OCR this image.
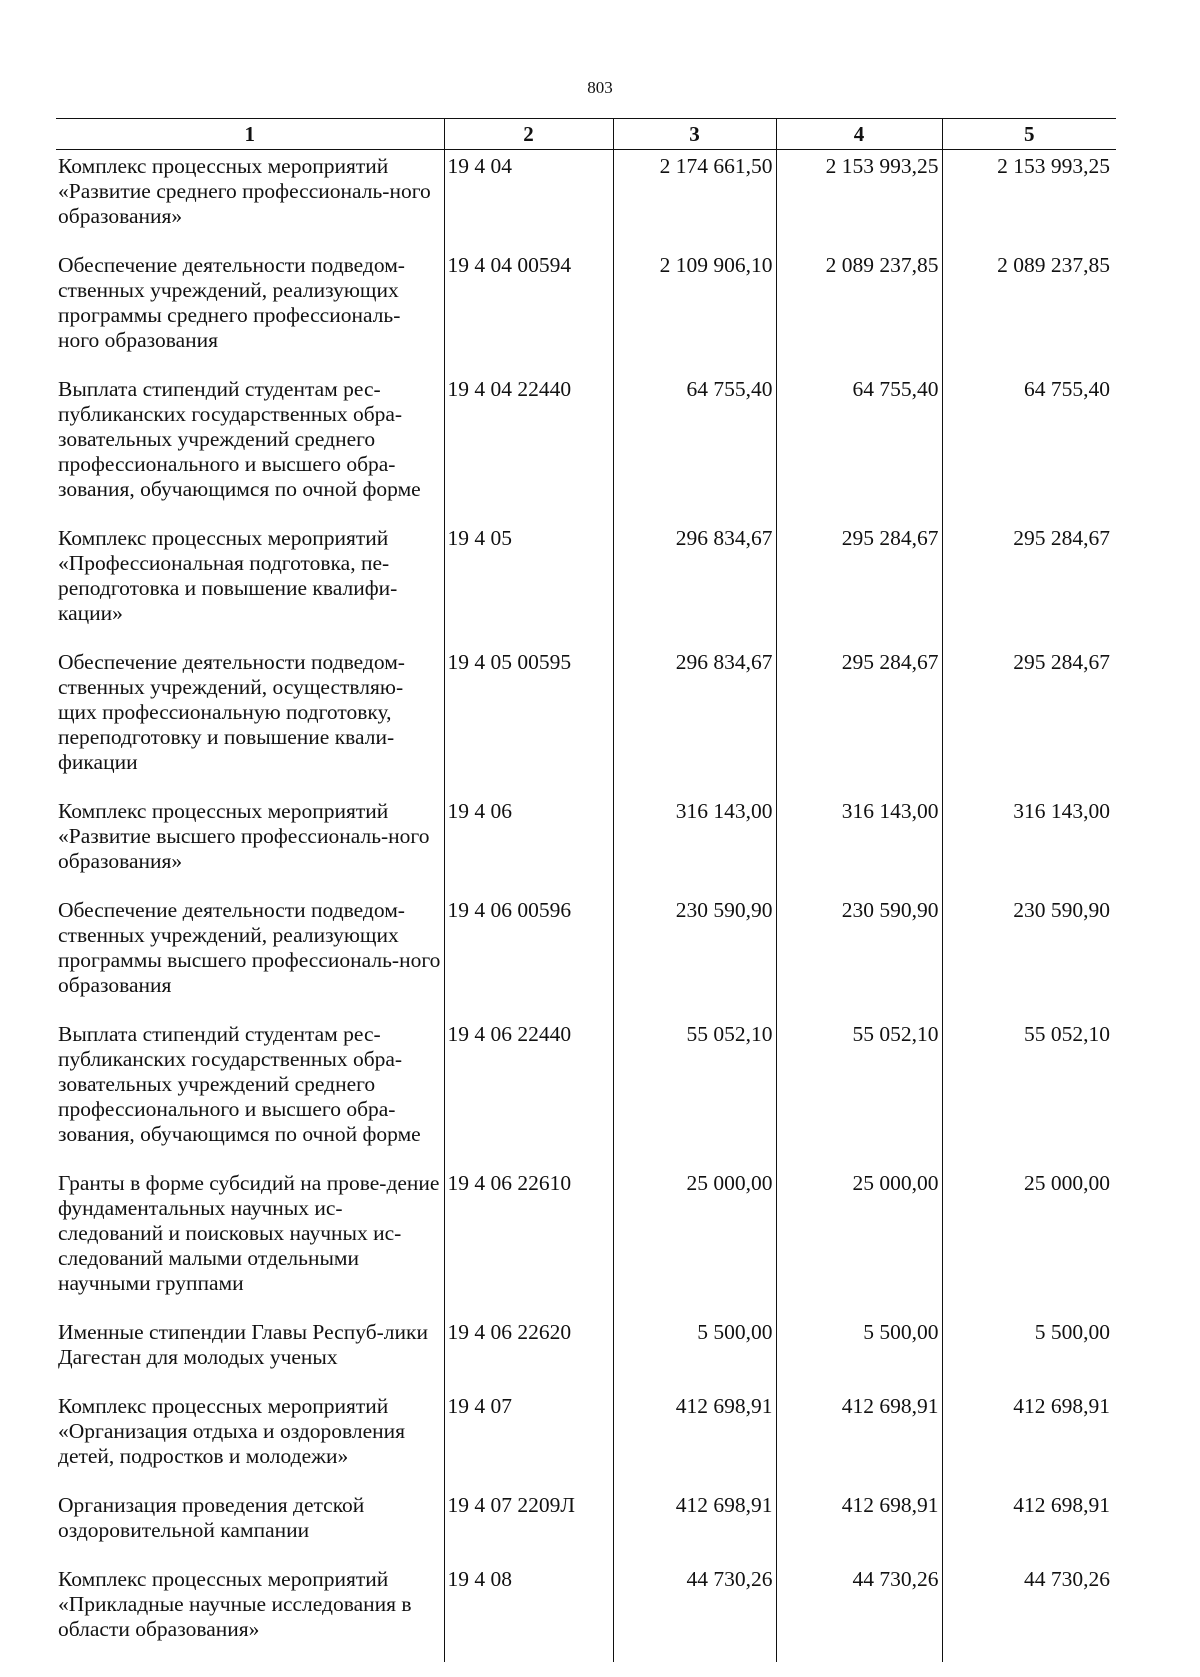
803
1	2	3	4	5
Комплекс процессных мероприятий «Развитие среднего профессиональ-ного образования»	19 4 04	2 174 661,50	2 153 993,25	2 153 993,25
Обеспечение деятельности подведом-ственных учреждений, реализующих программы среднего профессиональ-ного образования	19 4 04 00594	2 109 906,10	2 089 237,85	2 089 237,85
Выплата стипендий студентам рес-публиканских государственных обра-зовательных учреждений среднего профессионального и высшего обра-зования, обучающимся по очной форме	19 4 04 22440	64 755,40	64 755,40	64 755,40
Комплекс процессных мероприятий «Профессиональная подготовка, пе-реподготовка и повышение квалифи-кации»	19 4 05	296 834,67	295 284,67	295 284,67
Обеспечение деятельности подведом-ственных учреждений, осуществляю-щих профессиональную подготовку, переподготовку и повышение квали-фикации	19 4 05 00595	296 834,67	295 284,67	295 284,67
Комплекс процессных мероприятий «Развитие высшего профессиональ-ного образования»	19 4 06	316 143,00	316 143,00	316 143,00
Обеспечение деятельности подведом-ственных учреждений, реализующих программы высшего профессиональ-ного образования	19 4 06 00596	230 590,90	230 590,90	230 590,90
Выплата стипендий студентам рес-публиканских государственных обра-зовательных учреждений среднего профессионального и высшего обра-зования, обучающимся по очной форме	19 4 06 22440	55 052,10	55 052,10	55 052,10
Гранты в форме субсидий на прове-дение фундаментальных научных ис-следований и поисковых научных ис-следований малыми отдельными научными группами	19 4 06 22610	25 000,00	25 000,00	25 000,00
Именные стипендии Главы Респуб-лики Дагестан для молодых ученых	19 4 06 22620	5 500,00	5 500,00	5 500,00
Комплекс процессных мероприятий «Организация отдыха и оздоровления детей, подростков и молодежи»	19 4 07	412 698,91	412 698,91	412 698,91
Организация проведения детской оздоровительной кампании	19 4 07 2209Л	412 698,91	412 698,91	412 698,91
Комплекс процессных мероприятий «Прикладные научные исследования в области образования»	19 4 08	44 730,26	44 730,26	44 730,26
